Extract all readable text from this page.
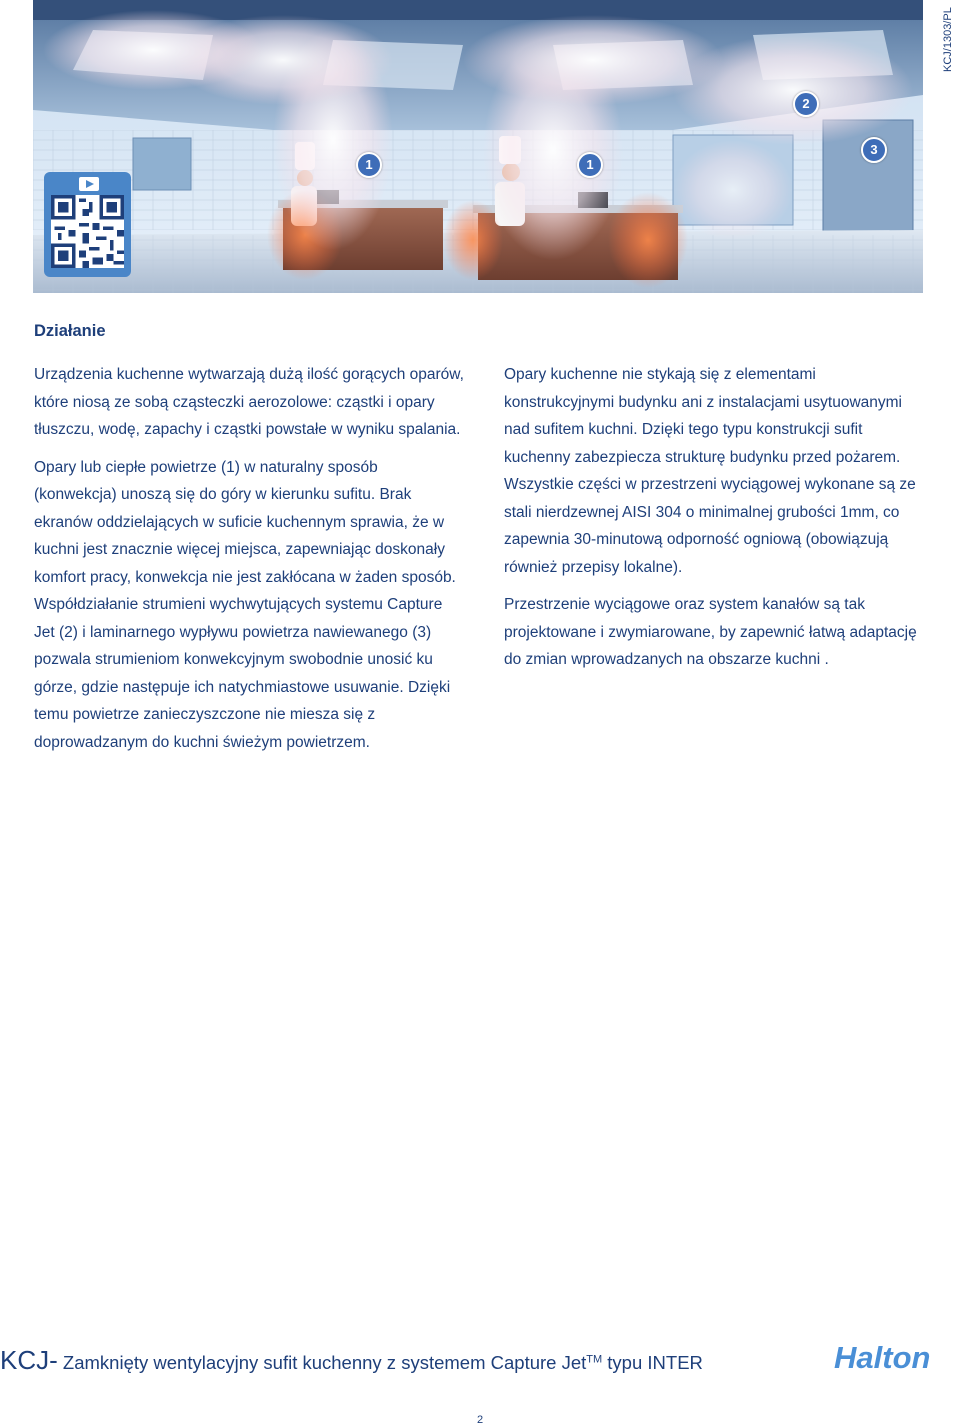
KCJ/1303/PL
1	1
2
3
Działanie

Urządzenia kuchenne wytwarzają dużą ilość gorących oparów, które niosą ze sobą cząsteczki aerozolowe: cząstki i opary tłuszczu, wodę, zapachy i cząstki powstałe w wyniku spalania.

Opary lub ciepłe powietrze (1) w naturalny sposób (konwekcja) unoszą się do góry w kierunku sufitu. Brak ekranów oddzielających w suficie kuchennym sprawia, że w kuchni jest znacznie więcej miejsca, zapewniając doskonały komfort pracy, konwekcja nie jest zakłócana w żaden sposób. Współdziałanie strumieni wychwytujących systemu Capture Jet (2) i laminarnego wypływu powietrza nawiewanego (3) pozwala strumieniom konwekcyjnym swobodnie unosić ku górze, gdzie następuje ich natychmiastowe usuwanie. Dzięki temu powietrze zanieczyszczone nie miesza się z doprowadzanym do kuchni świeżym powietrzem.

Opary kuchenne nie stykają się z elementami konstrukcyjnymi budynku ani z instalacjami usytuowanymi nad sufitem kuchni. Dzięki tego typu konstrukcji sufit kuchenny zabezpiecza strukturę budynku przed pożarem. Wszystkie części w przestrzeni wyciągowej wykonane są ze stali nierdzewnej AISI 304 o minimalnej grubości 1mm, co zapewnia 30-minutową odporność ogniową (obowiązują również przepisy lokalne).

Przestrzenie wyciągowe oraz system kanałów są tak projektowane i zwymiarowane, by zapewnić łatwą adaptację do zmian wprowadzanych na obszarze kuchni .

KCJ- Zamknięty wentylacyjny sufit kuchenny z systemem Capture Jet™ typu INTER	Halton
2
